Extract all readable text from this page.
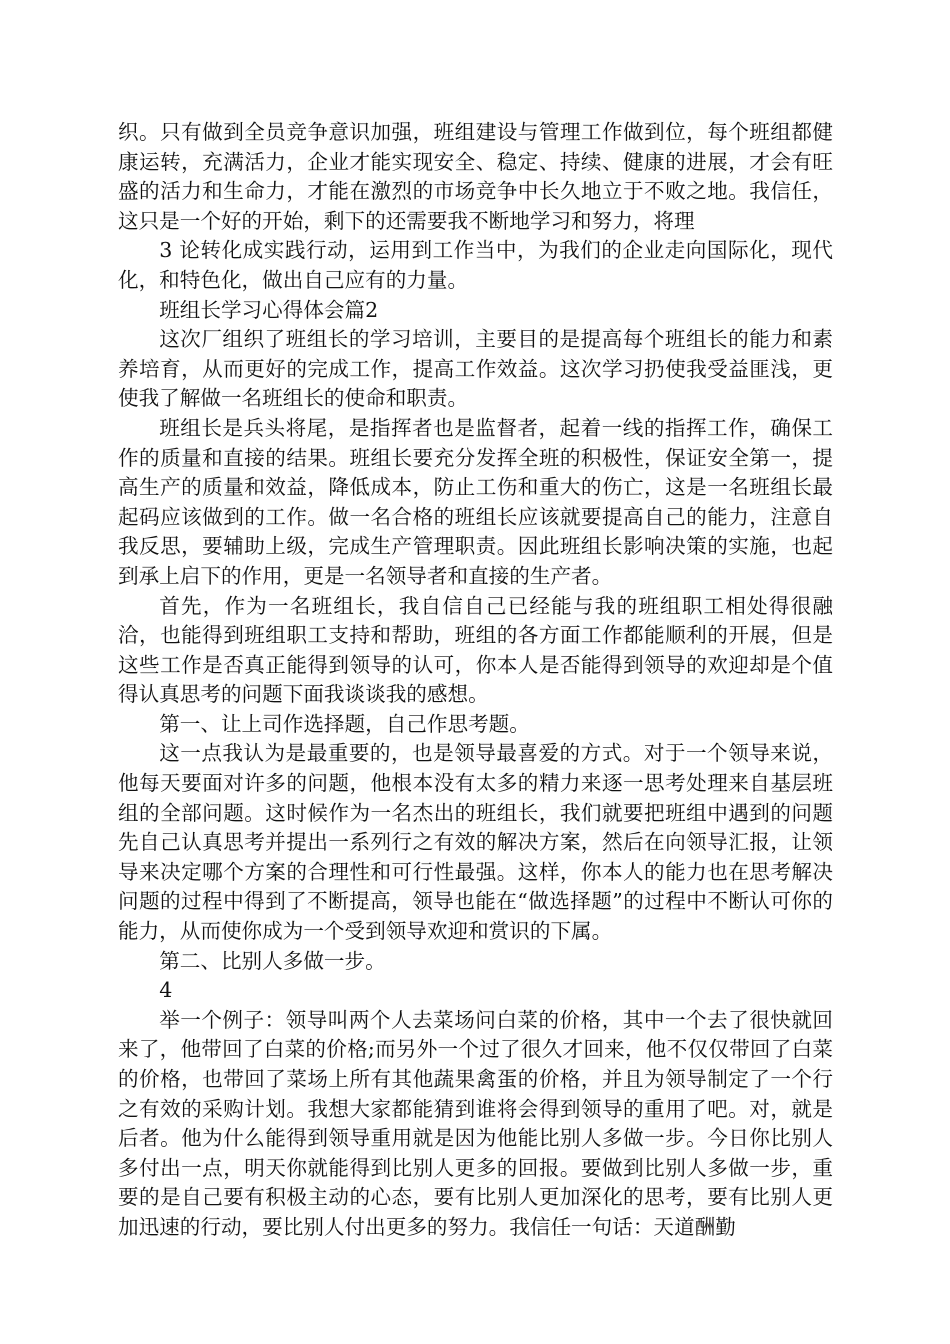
织。只有做到全员竞争意识加强，班组建设与管理工作做到位，每个班组都健康运转，充满活力，企业才能实现安全、稳定、持续、健康的进展，才会有旺盛的活力和生命力，才能在激烈的市场竞争中长久地立于不败之地。我信任，这只是一个好的开始，剩下的还需要我不断地学习和努力，将理

3 论转化成实践行动，运用到工作当中，为我们的企业走向国际化，现代化，和特色化，做出自己应有的力量。

班组长学习心得体会篇2

这次厂组织了班组长的学习培训，主要目的是提高每个班组长的能力和素养培育，从而更好的完成工作，提高工作效益。这次学习扔使我受益匪浅，更使我了解做一名班组长的使命和职责。

班组长是兵头将尾，是指挥者也是监督者，起着一线的指挥工作，确保工作的质量和直接的结果。班组长要充分发挥全班的积极性，保证安全第一，提高生产的质量和效益，降低成本，防止工伤和重大的伤亡，这是一名班组长最起码应该做到的工作。做一名合格的班组长应该就要提高自己的能力，注意自我反思，要辅助上级，完成生产管理职责。因此班组长影响决策的实施，也起到承上启下的作用，更是一名领导者和直接的生产者。

首先，作为一名班组长，我自信自己已经能与我的班组职工相处得很融洽，也能得到班组职工支持和帮助，班组的各方面工作都能顺利的开展，但是这些工作是否真正能得到领导的认可，你本人是否能得到领导的欢迎却是个值得认真思考的问题下面我谈谈我的感想。

第一、让上司作选择题，自己作思考题。

这一点我认为是最重要的，也是领导最喜爱的方式。对于一个领导来说，他每天要面对许多的问题，他根本没有太多的精力来逐一思考处理来自基层班组的全部问题。这时候作为一名杰出的班组长，我们就要把班组中遇到的问题先自己认真思考并提出一系列行之有效的解决方案，然后在向领导汇报，让领导来决定哪个方案的合理性和可行性最强。这样，你本人的能力也在思考解决问题的过程中得到了不断提高，领导也能在“做选择题”的过程中不断认可你的能力，从而使你成为一个受到领导欢迎和赏识的下属。

第二、比别人多做一步。

4

举一个例子：领导叫两个人去菜场问白菜的价格，其中一个去了很快就回来了，他带回了白菜的价格;而另外一个过了很久才回来，他不仅仅带回了白菜的价格，也带回了菜场上所有其他蔬果禽蛋的价格，并且为领导制定了一个行之有效的采购计划。我想大家都能猜到谁将会得到领导的重用了吧。对，就是后者。他为什么能得到领导重用就是因为他能比别人多做一步。今日你比别人多付出一点，明天你就能得到比别人更多的回报。要做到比别人多做一步，重要的是自己要有积极主动的心态，要有比别人更加深化的思考，要有比别人更加迅速的行动，要比别人付出更多的努力。我信任一句话：天道酬勤
